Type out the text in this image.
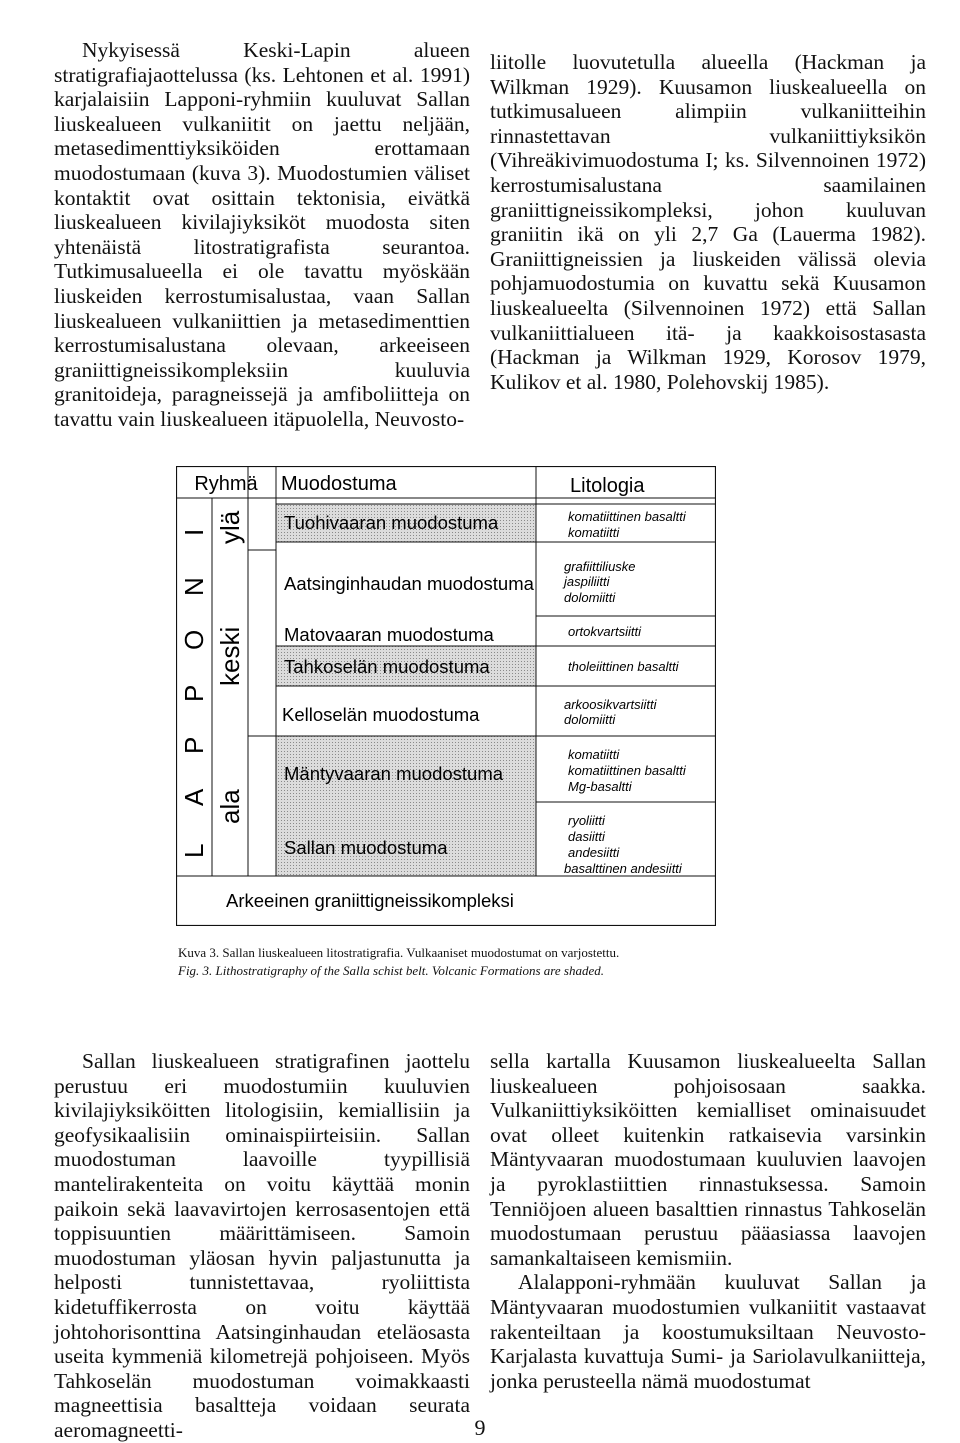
Nykyisessä Keski-Lapin alueen stratigrafiajaottelussa (ks. Lehtonen et al. 1991) karjalaisiin Lapponi-ryhmiin kuuluvat Sallan liuskealueen vulkaniitit on jaettu neljään, metasedimenttiyksiköiden erottamaan muodostumaan (kuva 3). Muodostumien väliset kontaktit ovat osittain tektonisia, eivätkä liuskealueen kivilajiyksiköt muodosta siten yhtenäistä litostratigrafista seurantoa. Tutkimusalueella ei ole tavattu myöskään liuskeiden kerrostumisalustaa, vaan Sallan liuskealueen vulkaniittien ja metasedimenttien kerrostumisalustana olevaan, arkeeiseen graniittigneissikompleksiin kuuluvia granitoideja, paragneissejä ja amfiboliitteja on tavattu vain liuskealueen itäpuolella, Neuvosto-

liitolle luovutetulla alueella (Hackman ja Wilkman 1929). Kuusamon liuskealueella on tutkimusalueen alimpiin vulkaniitteihin rinnastettavan vulkaniittiyksikön (Vihreäkivimuodostuma I; ks. Silvennoinen 1972) kerrostumisalustana saamilainen graniittigneissikompleksi, johon kuuluvan graniitin ikä on yli 2,7 Ga (Lauerma 1982). Graniittigneissien ja liuskeiden välissä olevia pohjamuodostumia on kuvattu sekä Kuusamon liuskealueelta (Silvennoinen 1972) että Sallan vulkaniittialueen itä- ja kaakkoisostasasta (Hackman ja Wilkman 1929, Korosov 1979, Kulikov et al. 1980, Polehovskij 1985).

Ryhmä Muodostuma	Litologia
L
A
P
P
O
N
I ylä
keski
ala
Tuohivaaran muodostuma
Aatsinginhaudan muodostuma
Matovaaran muodostuma
Tahkoselän muodostuma
Kelloselän muodostuma
Mäntyvaaran muodostuma
Sallan muodostuma
komatiittinen basaltti
komatiitti
grafiittiliuske
jaspiliitti
dolomiitti
ortokvartsiitti
tholeiittinen basaltti
arkoosikvartsiitti
dolomiitti
komatiitti
komatiittinen basaltti
Mg-basaltti
ryoliitti
dasiitti
andesiitti
basalttinen andesiitti
Arkeeinen graniittigneissikompleksi
Kuva 3. Sallan liuskealueen litostratigrafia. Vulkaaniset muodostumat on varjostettu.
Fig. 3. Lithostratigraphy of the Salla schist belt. Volcanic Formations are shaded.

Sallan liuskealueen stratigrafinen jaottelu perustuu eri muodostumiin kuuluvien kivilajiyksiköitten litologisiin, kemiallisiin ja geofysikaalisiin ominaispiirteisiin. Sallan muodostuman laavoille tyypillisiä mantelirakenteita on voitu käyttää monin paikoin sekä laavavirtojen kerrosasentojen että toppisuuntien määrittämiseen. Samoin muodostuman yläosan hyvin paljastunutta ja helposti tunnistettavaa, ryoliittista kidetuffikerrosta on voitu käyttää johtohorisonttina Aatsinginhaudan eteläosasta useita kymmeniä kilometrejä pohjoiseen. Myös Tahkoselän muodostuman voimakkaasti magneettisia basaltteja voidaan seurata aeromagneetti-

sella kartalla Kuusamon liuskealueelta Sallan liuskealueen pohjoisosaan saakka. Vulkaniittiyksiköitten kemialliset ominaisuudet ovat olleet kuitenkin ratkaisevia varsinkin Mäntyvaaran muodostumaan kuuluvien laavojen ja pyroklastiittien rinnastuksessa. Samoin Tenniöjoen alueen basalttien rinnastus Tahkoselän muodostumaan perustuu pääasiassa laavojen samankaltaiseen kemismiin.

Alalapponi-ryhmään kuuluvat Sallan ja Mäntyvaaran muodostumien vulkaniitit vastaavat rakenteiltaan ja koostumuksiltaan Neuvosto-Karjalasta kuvattuja Sumi- ja Sariolavulkaniitteja, jonka perusteella nämä muodostumat

9
